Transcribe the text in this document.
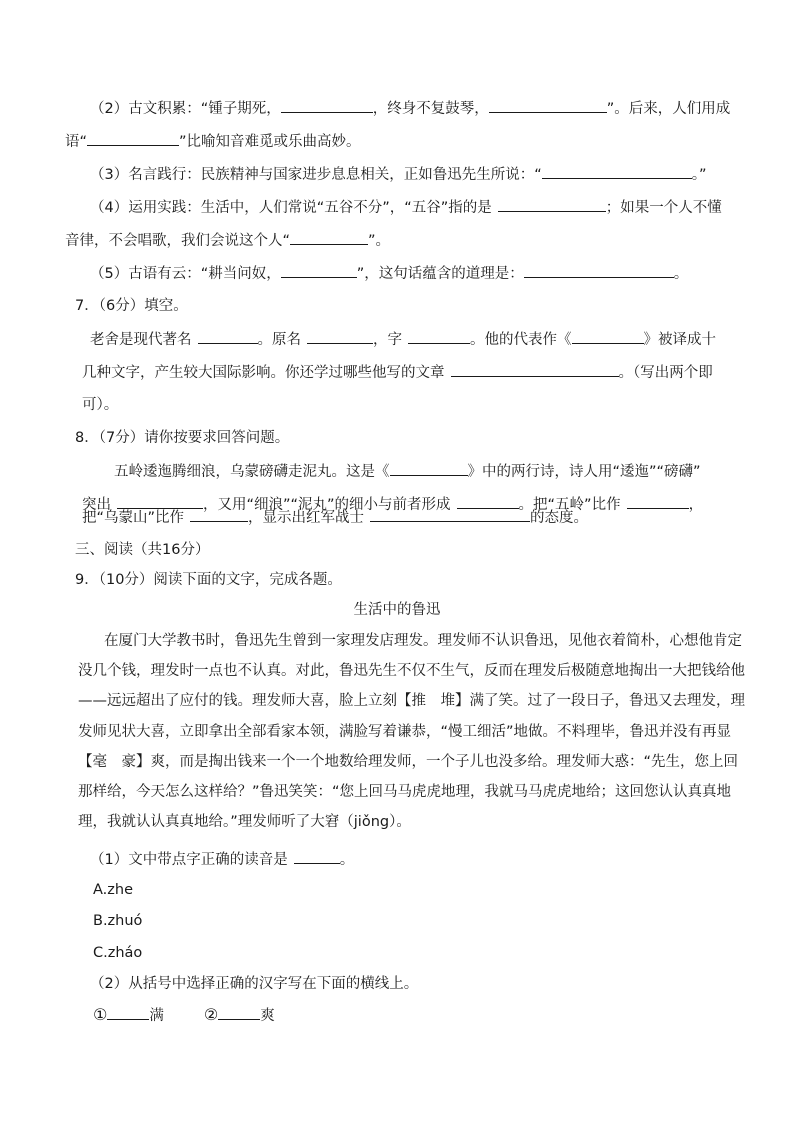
（2）古文积累：“锺子期死，	，终身不复鼓琴，	”。后来，人们用成
语“	”比喻知音难觅或乐曲高妙。
（3）名言践行：民族精神与国家进步息息相关，正如鲁迅先生所说：“	。”
（4）运用实践：生活中，人们常说“五谷不分”，“五谷”指的是	；如果一个人不懂
音律，不会唱歌，我们会说这个人“	”。
（5）古语有云：“耕当问奴，	”，这句话蕴含的道理是：	。
7．（6分）填空。
老舍是现代著名	。原名	，字	。他的代表作《	》被译成十
几种文字，产生较大国际影响。你还学过哪些他写的文章	。（写出两个即
可）。
8．（7分）请你按要求回答问题。
五岭逶迤腾细浪，乌蒙磅礴走泥丸。这是《	》中的两行诗，诗人用“逶迤”“磅礴”
突出	，又用“细浪”“泥丸”的细小与前者形成	。把“五岭”比作	，
把“乌蒙山”比作	，显示出红军战士	的态度。
三、阅读（共16分）
9．（10分）阅读下面的文字，完成各题。
生活中的鲁迅
在厦门大学教书时，鲁迅先生曾到一家理发店理发。理发师不认识鲁迅，见他衣着简朴，心想他肯定
没几个钱，理发时一点也不认真。对此，鲁迅先生不仅不生气，反而在理发后极随意地掏出一大把钱给他
——远远超出了应付的钱。理发师大喜，脸上立刻【推　堆】满了笑。过了一段日子，鲁迅又去理发，理
发师见状大喜，立即拿出全部看家本领，满脸写着谦恭，“慢工细活”地做。不料理毕，鲁迅并没有再显
【毫　豪】爽，而是掏出钱来一个一个地数给理发师，一个子儿也没多给。理发师大惑：“先生，您上回
那样给，今天怎么这样给？”鲁迅笑笑：“您上回马马虎虎地理，我就马马虎虎地给；这回您认认真真地
理，我就认认真真地给。”理发师听了大窘（jiǒng）。
（1）文中带点字正确的读音是	。
A.zhe
B.zhuó
C.zháo
（2）从括号中选择正确的汉字写在下面的横线上。
①	满	②	爽
